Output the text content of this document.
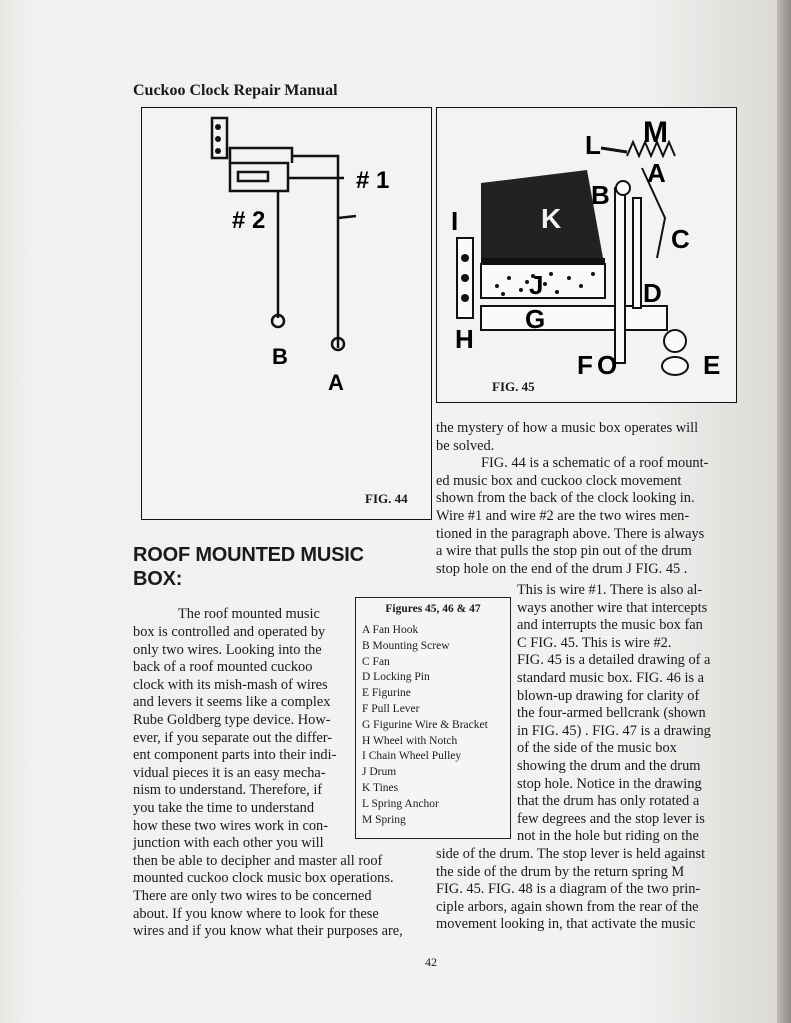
Cuckoo Clock Repair Manual
# 1
# 2
B
A
FIG. 44
M
L
A
B
K
C
I
J	D
G
H
F O	E
FIG. 45
ROOF MOUNTED MUSIC
BOX:
The roof mounted music
box is controlled and operated by
only two wires. Looking into the
back of a roof mounted cuckoo
clock with its mish-mash of wires
and levers it seems like a complex
Rube Goldberg type device. How-
ever, if you separate out the differ-
ent component parts into their indi-
vidual pieces it is an easy mecha-
nism to understand. Therefore, if
you take the time to understand
how these two wires work in con-
junction with each other you will
then be able to decipher and master all roof
mounted cuckoo clock music box operations.
There are only two wires to be concerned
about. If you know where to look for these
wires and if you know what their purposes are,
Figures 45, 46 & 47
A Fan Hook
B Mounting Screw
C Fan
D Locking Pin
E Figurine
F Pull Lever
G Figurine Wire & Bracket
H Wheel with Notch
I Chain Wheel Pulley
J Drum
K Tines
L Spring Anchor
M Spring
the mystery of how a music box operates will
be solved.
FIG. 44 is a schematic of a roof mount-
ed music box and cuckoo clock movement
shown from the back of the clock looking in.
Wire #1 and wire #2 are the two wires men-
tioned in the paragraph above. There is always
a wire that pulls the stop pin out of the drum
stop hole on the end of the drum J FIG. 45 .
This is wire #1. There is also al-
ways another wire that intercepts
and interrupts the music box fan
C FIG. 45. This is wire #2.
FIG. 45 is a detailed drawing of a
standard music box. FIG. 46 is a
blown-up drawing for clarity of
the four-armed bellcrank (shown
in FIG. 45) . FIG. 47 is a drawing
of the side of the music box
showing the drum and the drum
stop hole. Notice in the drawing
that the drum has only rotated a
few degrees and the stop lever is
not in the hole but riding on the
side of the drum. The stop lever is held against
the side of the drum by the return spring M
FIG. 45. FIG. 48 is a diagram of the two prin-
ciple arbors, again shown from the rear of the
movement looking in, that activate the music
42
